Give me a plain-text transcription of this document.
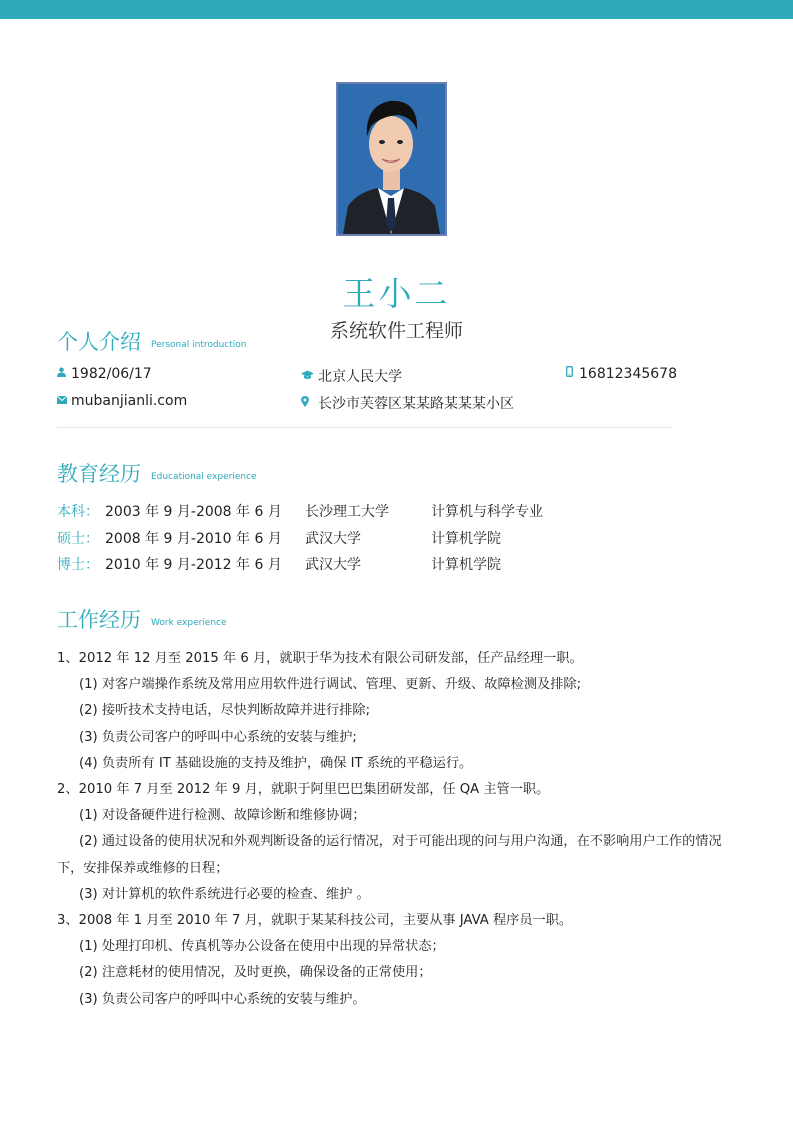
王小二
系统软件工程师
个人介绍 Personal introduction
1982/06/17	北京人民大学	16812345678
mubanjianli.com	长沙市芙蓉区某某路某某某小区
教育经历 Educational experience
本科： 2003 年 9 月-2008 年 6 月 长沙理工大学	计算机与科学专业
硕士： 2008 年 9 月-2010 年 6 月 武汉大学	计算机学院
博士： 2010 年 9 月-2012 年 6 月 武汉大学	计算机学院
工作经历 Work experience

1、2012 年 12 月至 2015 年 6 月，就职于华为技术有限公司研发部，任产品经理一职。

(1) 对客户端操作系统及常用应用软件进行调试、管理、更新、升级、故障检测及排除;

(2) 接听技术支持电话，尽快判断故障并进行排除;

(3) 负责公司客户的呼叫中心系统的安装与维护;

(4) 负责所有 IT 基础设施的支持及维护，确保 IT 系统的平稳运行。

2、2010 年 7 月至 2012 年 9 月，就职于阿里巴巴集团研发部，任 QA 主管一职。

(1) 对设备硬件进行检测、故障诊断和维修协调；

(2) 通过设备的使用状况和外观判断设备的运行情况，对于可能出现的问与用户沟通，在不影响用户工作的情况下，安排保养或维修的日程；

(3) 对计算机的软件系统进行必要的检查、维护 。

3、2008 年 1 月至 2010 年 7 月，就职于某某科技公司，主要从事 JAVA 程序员一职。

(1) 处理打印机、传真机等办公设备在使用中出现的异常状态；

(2) 注意耗材的使用情况，及时更换，确保设备的正常使用；

(3) 负责公司客户的呼叫中心系统的安装与维护。
